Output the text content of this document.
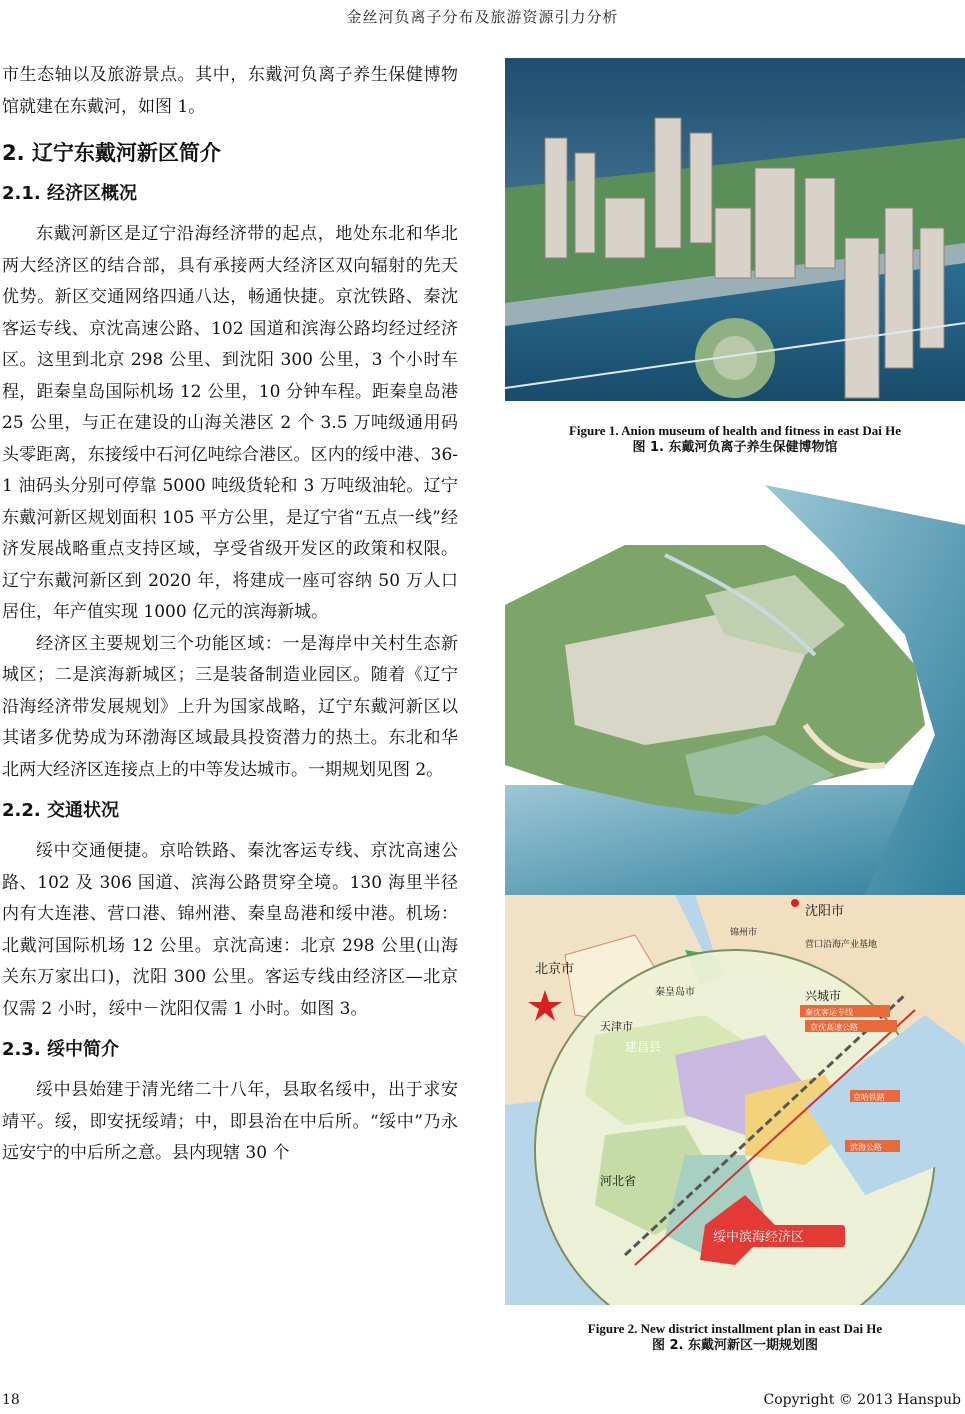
金丝河负离子分布及旅游资源引力分析

市生态轴以及旅游景点。其中，东戴河负离子养生保健博物馆就建在东戴河，如图 1。

2. 辽宁东戴河新区简介
2.1. 经济区概况

东戴河新区是辽宁沿海经济带的起点，地处东北和华北两大经济区的结合部，具有承接两大经济区双向辐射的先天优势。新区交通网络四通八达，畅通快捷。京沈铁路、秦沈客运专线、京沈高速公路、102 国道和滨海公路均经过经济区。这里到北京 298 公里、到沈阳 300 公里，3 个小时车程，距秦皇岛国际机场 12 公里，10 分钟车程。距秦皇岛港 25 公里，与正在建设的山海关港区 2 个 3.5 万吨级通用码头零距离，东接绥中石河亿吨综合港区。区内的绥中港、36-1 油码头分别可停靠 5000 吨级货轮和 3 万吨级油轮。辽宁东戴河新区规划面积 105 平方公里，是辽宁省“五点一线”经济发展战略重点支持区域，享受省级开发区的政策和权限。辽宁东戴河新区到 2020 年，将建成一座可容纳 50 万人口居住，年产值实现 1000 亿元的滨海新城。

经济区主要规划三个功能区域：一是海岸中关村生态新城区；二是滨海新城区；三是装备制造业园区。随着《辽宁沿海经济带发展规划》上升为国家战略，辽宁东戴河新区以其诸多优势成为环渤海区域最具投资潜力的热土。东北和华北两大经济区连接点上的中等发达城市。一期规划见图 2。

2.2. 交通状况

绥中交通便捷。京哈铁路、秦沈客运专线、京沈高速公路、102 及 306 国道、滨海公路贯穿全境。130 海里半径内有大连港、营口港、锦州港、秦皇岛港和绥中港。机场：北戴河国际机场 12 公里。京沈高速：北京 298 公里(山海关东万家出口)，沈阳 300 公里。客运专线由经济区—北京仅需 2 小时，绥中－沈阳仅需 1 小时。如图 3。

2.3. 绥中简介

绥中县始建于清光绪二十八年，县取名绥中，出于求安靖平。绥，即安抚绥靖；中，即县治在中后所。“绥中”乃永远安宁的中后所之意。县内现辖 30 个

Figure 1. Anion museum of health and fitness in east Dai He
图 1. 东戴河负离子养生保健博物馆
北京市
沈阳市
锦州市
营口沿海产业基地
天津市
秦皇岛市
建昌县
兴城市
秦沈客运专线
京沈高速公路
京哈铁路
滨海公路
河北省
绥中滨海经济区
Figure 2. New district installment plan in east Dai He
图 2. 东戴河新区一期规划图
18	Copyright © 2013 Hanspub
